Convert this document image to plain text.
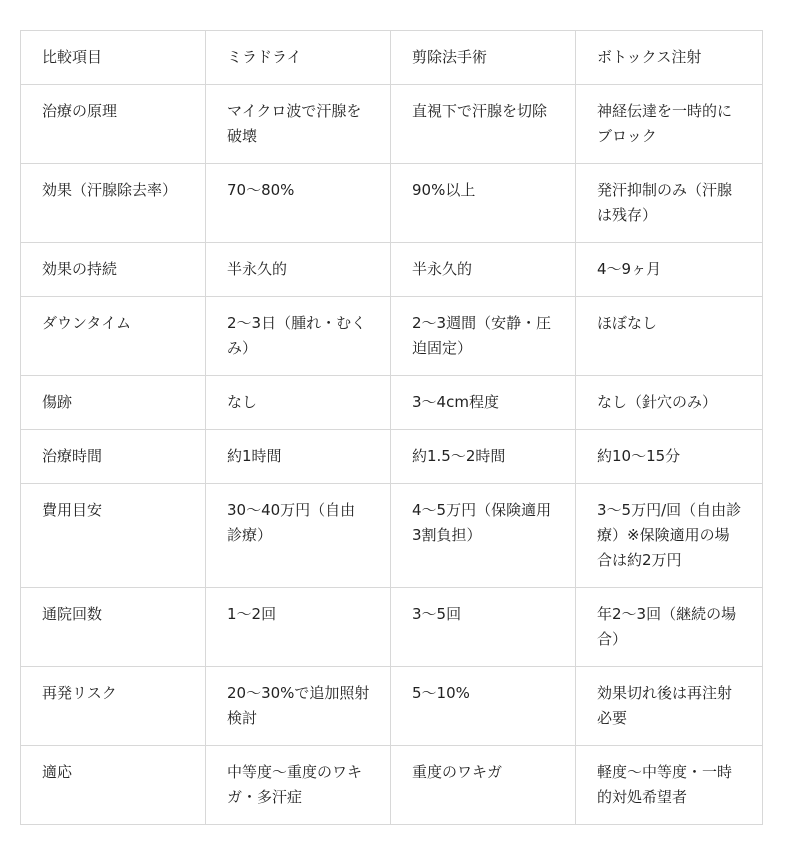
比較項目	ミラドライ	剪除法手術	ボトックス注射
治療の原理	マイクロ波で汗腺を破壊	直視下で汗腺を切除	神経伝達を一時的にブロック
効果（汗腺除去率）	70〜80%	90%以上	発汗抑制のみ（汗腺は残存）
効果の持続	半永久的	半永久的	4〜9ヶ月
ダウンタイム	2〜3日（腫れ・むくみ）	2〜3週間（安静・圧迫固定）	ほぼなし
傷跡	なし	3〜4cm程度	なし（針穴のみ）
治療時間	約1時間	約1.5〜2時間	約10〜15分
費用目安	30〜40万円（自由診療）	4〜5万円（保険適用3割負担）	3〜5万円/回（自由診療）※保険適用の場合は約2万円
通院回数	1〜2回	3〜5回	年2〜3回（継続の場合）
再発リスク	20〜30%で追加照射検討	5〜10%	効果切れ後は再注射必要
適応	中等度〜重度のワキガ・多汗症	重度のワキガ	軽度〜中等度・一時的対処希望者
